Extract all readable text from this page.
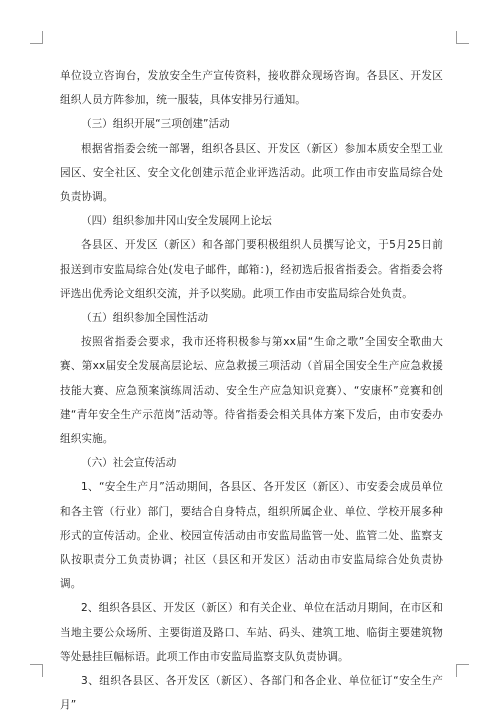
单位设立咨询台，发放安全生产宣传资料，接收群众现场咨询。各县区、开发区组织人员方阵参加，统一服装，具体安排另行通知。

（三）组织开展“三项创建”活动

根据省指委会统一部署，组织各县区、开发区（新区）参加本质安全型工业园区、安全社区、安全文化创建示范企业评选活动。此项工作由市安监局综合处负责协调。

（四）组织参加井冈山安全发展网上论坛

各县区、开发区（新区）和各部门要积极组织人员撰写论文，于5月25日前报送到市安监局综合处(发电子邮件，邮箱：)，经初选后报省指委会。省指委会将评选出优秀论文组织交流，并予以奖励。此项工作由市安监局综合处负责。

（五）组织参加全国性活动

按照省指委会要求，我市还将积极参与第xx届“生命之歌”全国安全歌曲大赛、第xx届安全发展高层论坛、应急救援三项活动（首届全国安全生产应急救援技能大赛、应急预案演练周活动、安全生产应急知识竞赛）、“安康杯”竞赛和创建“青年安全生产示范岗”活动等。待省指委会相关具体方案下发后，由市安委办组织实施。

（六）社会宣传活动

1、“安全生产月”活动期间，各县区、各开发区（新区）、市安委会成员单位和各主管（行业）部门，要结合自身特点，组织所属企业、单位、学校开展多种形式的宣传活动。企业、校园宣传活动由市安监局监管一处、监管二处、监察支队按职责分工负责协调；社区（县区和开发区）活动由市安监局综合处负责协调。

2、组织各县区、开发区（新区）和有关企业、单位在活动月期间，在市区和当地主要公众场所、主要街道及路口、车站、码头、建筑工地、临街主要建筑物等处悬挂巨幅标语。此项工作由市安监局监察支队负责协调。

3、组织各县区、各开发区（新区）、各部门和各企业、单位征订“安全生产月”
